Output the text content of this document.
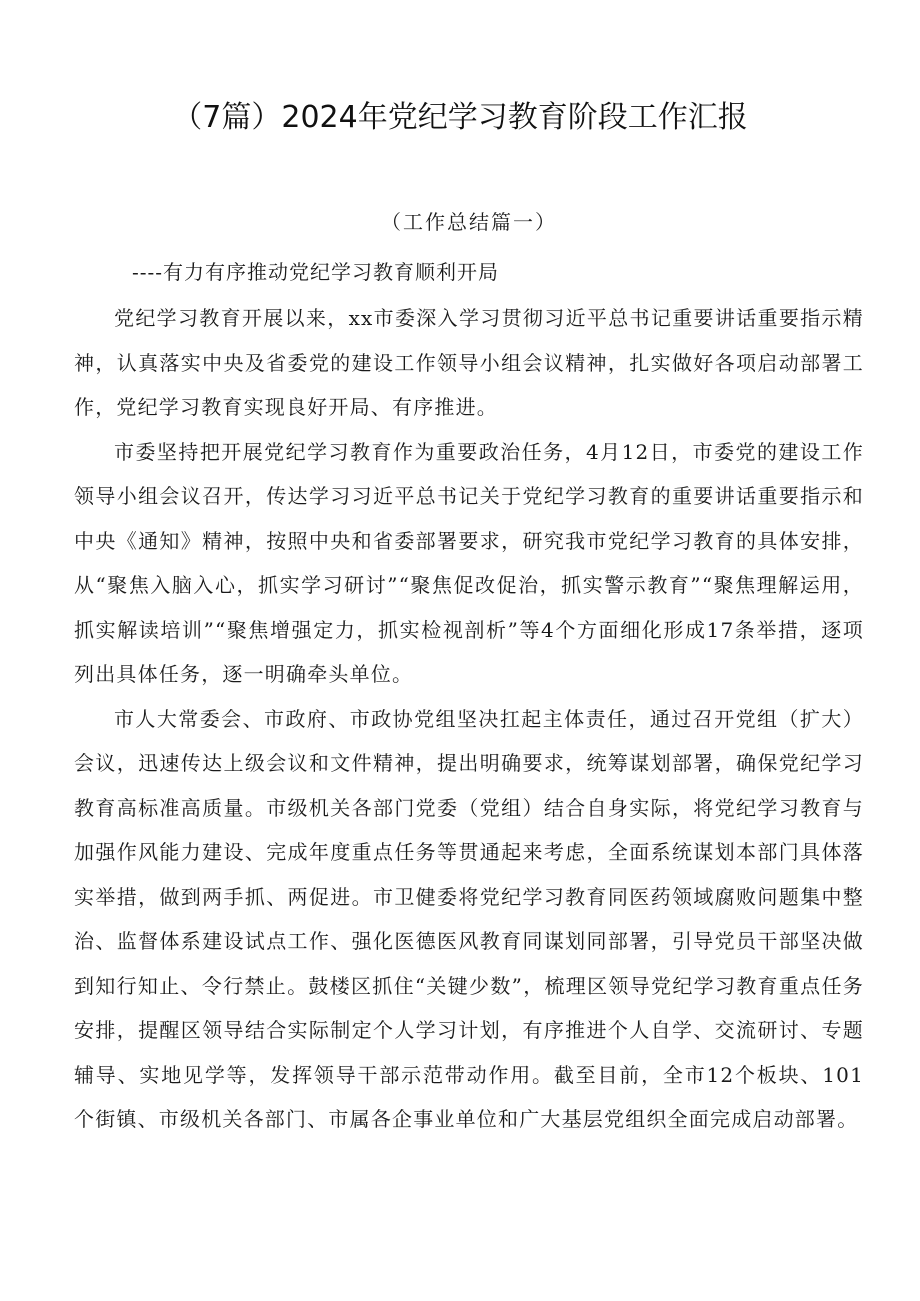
（7篇）2024年党纪学习教育阶段工作汇报
（工作总结篇一）
----有力有序推动党纪学习教育顺利开局

党纪学习教育开展以来，xx市委深入学习贯彻习近平总书记重要讲话重要指示精神，认真落实中央及省委党的建设工作领导小组会议精神，扎实做好各项启动部署工作，党纪学习教育实现良好开局、有序推进。

市委坚持把开展党纪学习教育作为重要政治任务，4月12日，市委党的建设工作领导小组会议召开，传达学习习近平总书记关于党纪学习教育的重要讲话重要指示和中央《通知》精神，按照中央和省委部署要求，研究我市党纪学习教育的具体安排，从“聚焦入脑入心，抓实学习研讨”“聚焦促改促治，抓实警示教育”“聚焦理解运用，抓实解读培训”“聚焦增强定力，抓实检视剖析”等4个方面细化形成17条举措，逐项列出具体任务，逐一明确牵头单位。

市人大常委会、市政府、市政协党组坚决扛起主体责任，通过召开党组（扩大）会议，迅速传达上级会议和文件精神，提出明确要求，统筹谋划部署，确保党纪学习教育高标准高质量。市级机关各部门党委（党组）结合自身实际，将党纪学习教育与加强作风能力建设、完成年度重点任务等贯通起来考虑，全面系统谋划本部门具体落实举措，做到两手抓、两促进。市卫健委将党纪学习教育同医药领域腐败问题集中整治、监督体系建设试点工作、强化医德医风教育同谋划同部署，引导党员干部坚决做到知行知止、令行禁止。鼓楼区抓住“关键少数”，梳理区领导党纪学习教育重点任务安排，提醒区领导结合实际制定个人学习计划，有序推进个人自学、交流研讨、专题辅导、实地见学等，发挥领导干部示范带动作用。截至目前，全市12个板块、101个街镇、市级机关各部门、市属各企事业单位和广大基层党组织全面完成启动部署。
